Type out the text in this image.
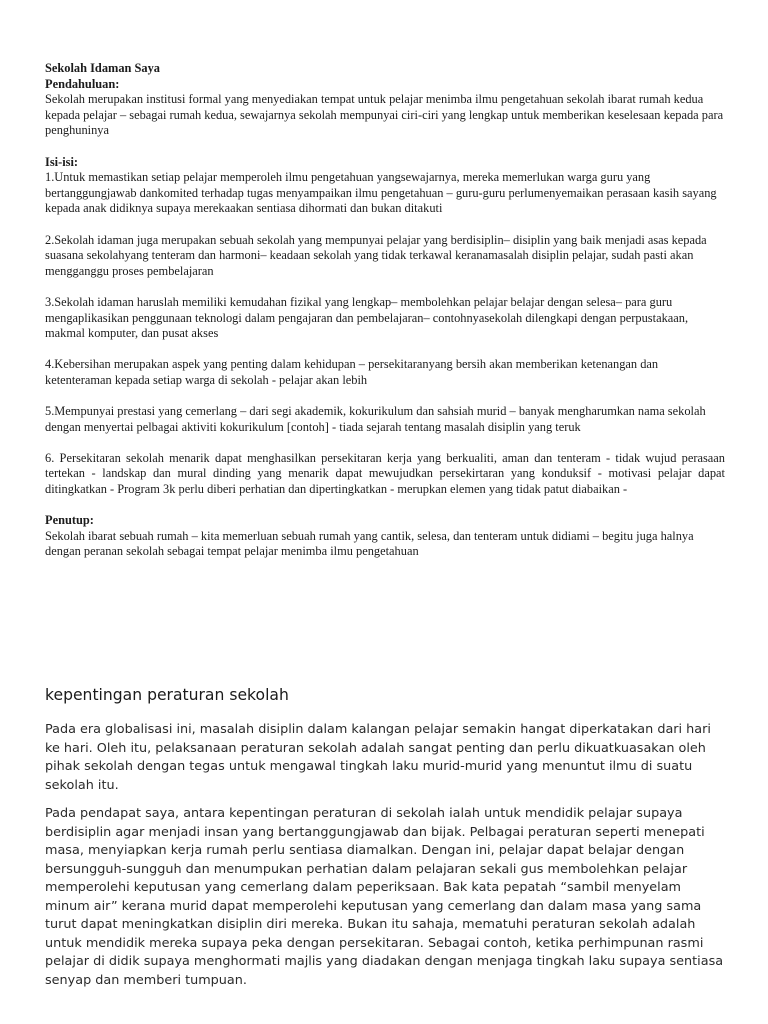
Sekolah Idaman Saya

Pendahuluan:

Sekolah merupakan institusi formal yang menyediakan tempat untuk pelajar menimba ilmu pengetahuan sekolah ibarat rumah kedua kepada pelajar – sebagai rumah kedua, sewajarnya sekolah mempunyai ciri-ciri yang lengkap untuk memberikan keselesaan kepada para penghuninya

Isi-isi:

1.Untuk memastikan setiap pelajar memperoleh ilmu pengetahuan yangsewajarnya, mereka memerlukan warga guru yang bertanggungjawab dankomited terhadap tugas menyampaikan ilmu pengetahuan – guru-guru perlumenyemaikan perasaan kasih sayang kepada anak didiknya supaya merekaakan sentiasa dihormati dan bukan ditakuti

2.Sekolah idaman juga merupakan sebuah sekolah yang mempunyai pelajar yang berdisiplin– disiplin yang baik menjadi asas kepada suasana sekolahyang tenteram dan harmoni– keadaan sekolah yang tidak terkawal keranamasalah disiplin pelajar, sudah pasti akan mengganggu proses pembelajaran

3.Sekolah idaman haruslah memiliki kemudahan fizikal yang lengkap– membolehkan pelajar belajar dengan selesa– para guru mengaplikasikan penggunaan teknologi dalam pengajaran dan pembelajaran– contohnyasekolah dilengkapi dengan perpustakaan, makmal komputer, dan pusat akses

4.Kebersihan merupakan aspek yang penting dalam kehidupan – persekitaranyang bersih akan memberikan ketenangan dan ketenteraman kepada setiap warga di sekolah - pelajar akan lebih

5.Mempunyai prestasi yang cemerlang – dari segi akademik, kokurikulum dan sahsiah murid – banyak mengharumkan nama sekolah dengan menyertai pelbagai aktiviti kokurikulum [contoh] - tiada sejarah tentang masalah disiplin yang teruk

6. Persekitaran sekolah menarik dapat menghasilkan persekitaran kerja yang berkualiti, aman dan tenteram - tidak wujud perasaan tertekan - landskap dan mural dinding yang menarik dapat mewujudkan persekirtaran yang konduksif - motivasi pelajar dapat ditingkatkan - Program 3k perlu diberi perhatian dan dipertingkatkan - merupkan elemen yang tidak patut diabaikan -

Penutup:

Sekolah ibarat sebuah rumah – kita memerluan sebuah rumah yang cantik, selesa, dan tenteram untuk didiami – begitu juga halnya dengan peranan sekolah sebagai tempat pelajar menimba ilmu pengetahuan

kepentingan peraturan sekolah

Pada era globalisasi ini, masalah disiplin dalam kalangan pelajar semakin hangat diperkatakan dari hari ke hari. Oleh itu, pelaksanaan peraturan sekolah adalah sangat penting dan perlu dikuatkuasakan oleh pihak sekolah dengan tegas untuk mengawal tingkah laku murid-murid yang menuntut ilmu di suatu sekolah itu.

Pada pendapat saya, antara kepentingan peraturan di sekolah ialah untuk mendidik pelajar supaya berdisiplin agar menjadi insan yang bertanggungjawab dan bijak. Pelbagai peraturan seperti menepati masa, menyiapkan kerja rumah perlu sentiasa diamalkan. Dengan ini, pelajar dapat belajar dengan bersungguh-sungguh dan menumpukan perhatian dalam pelajaran sekali gus membolehkan pelajar memperolehi keputusan yang cemerlang dalam peperiksaan. Bak kata pepatah “sambil menyelam minum air” kerana murid dapat memperolehi keputusan yang cemerlang dan dalam masa yang sama turut dapat meningkatkan disiplin diri mereka. Bukan itu sahaja, mematuhi peraturan sekolah adalah untuk mendidik mereka supaya peka dengan persekitaran. Sebagai contoh, ketika perhimpunan rasmi pelajar di didik supaya menghormati majlis yang diadakan dengan menjaga tingkah laku supaya sentiasa senyap dan memberi tumpuan.
